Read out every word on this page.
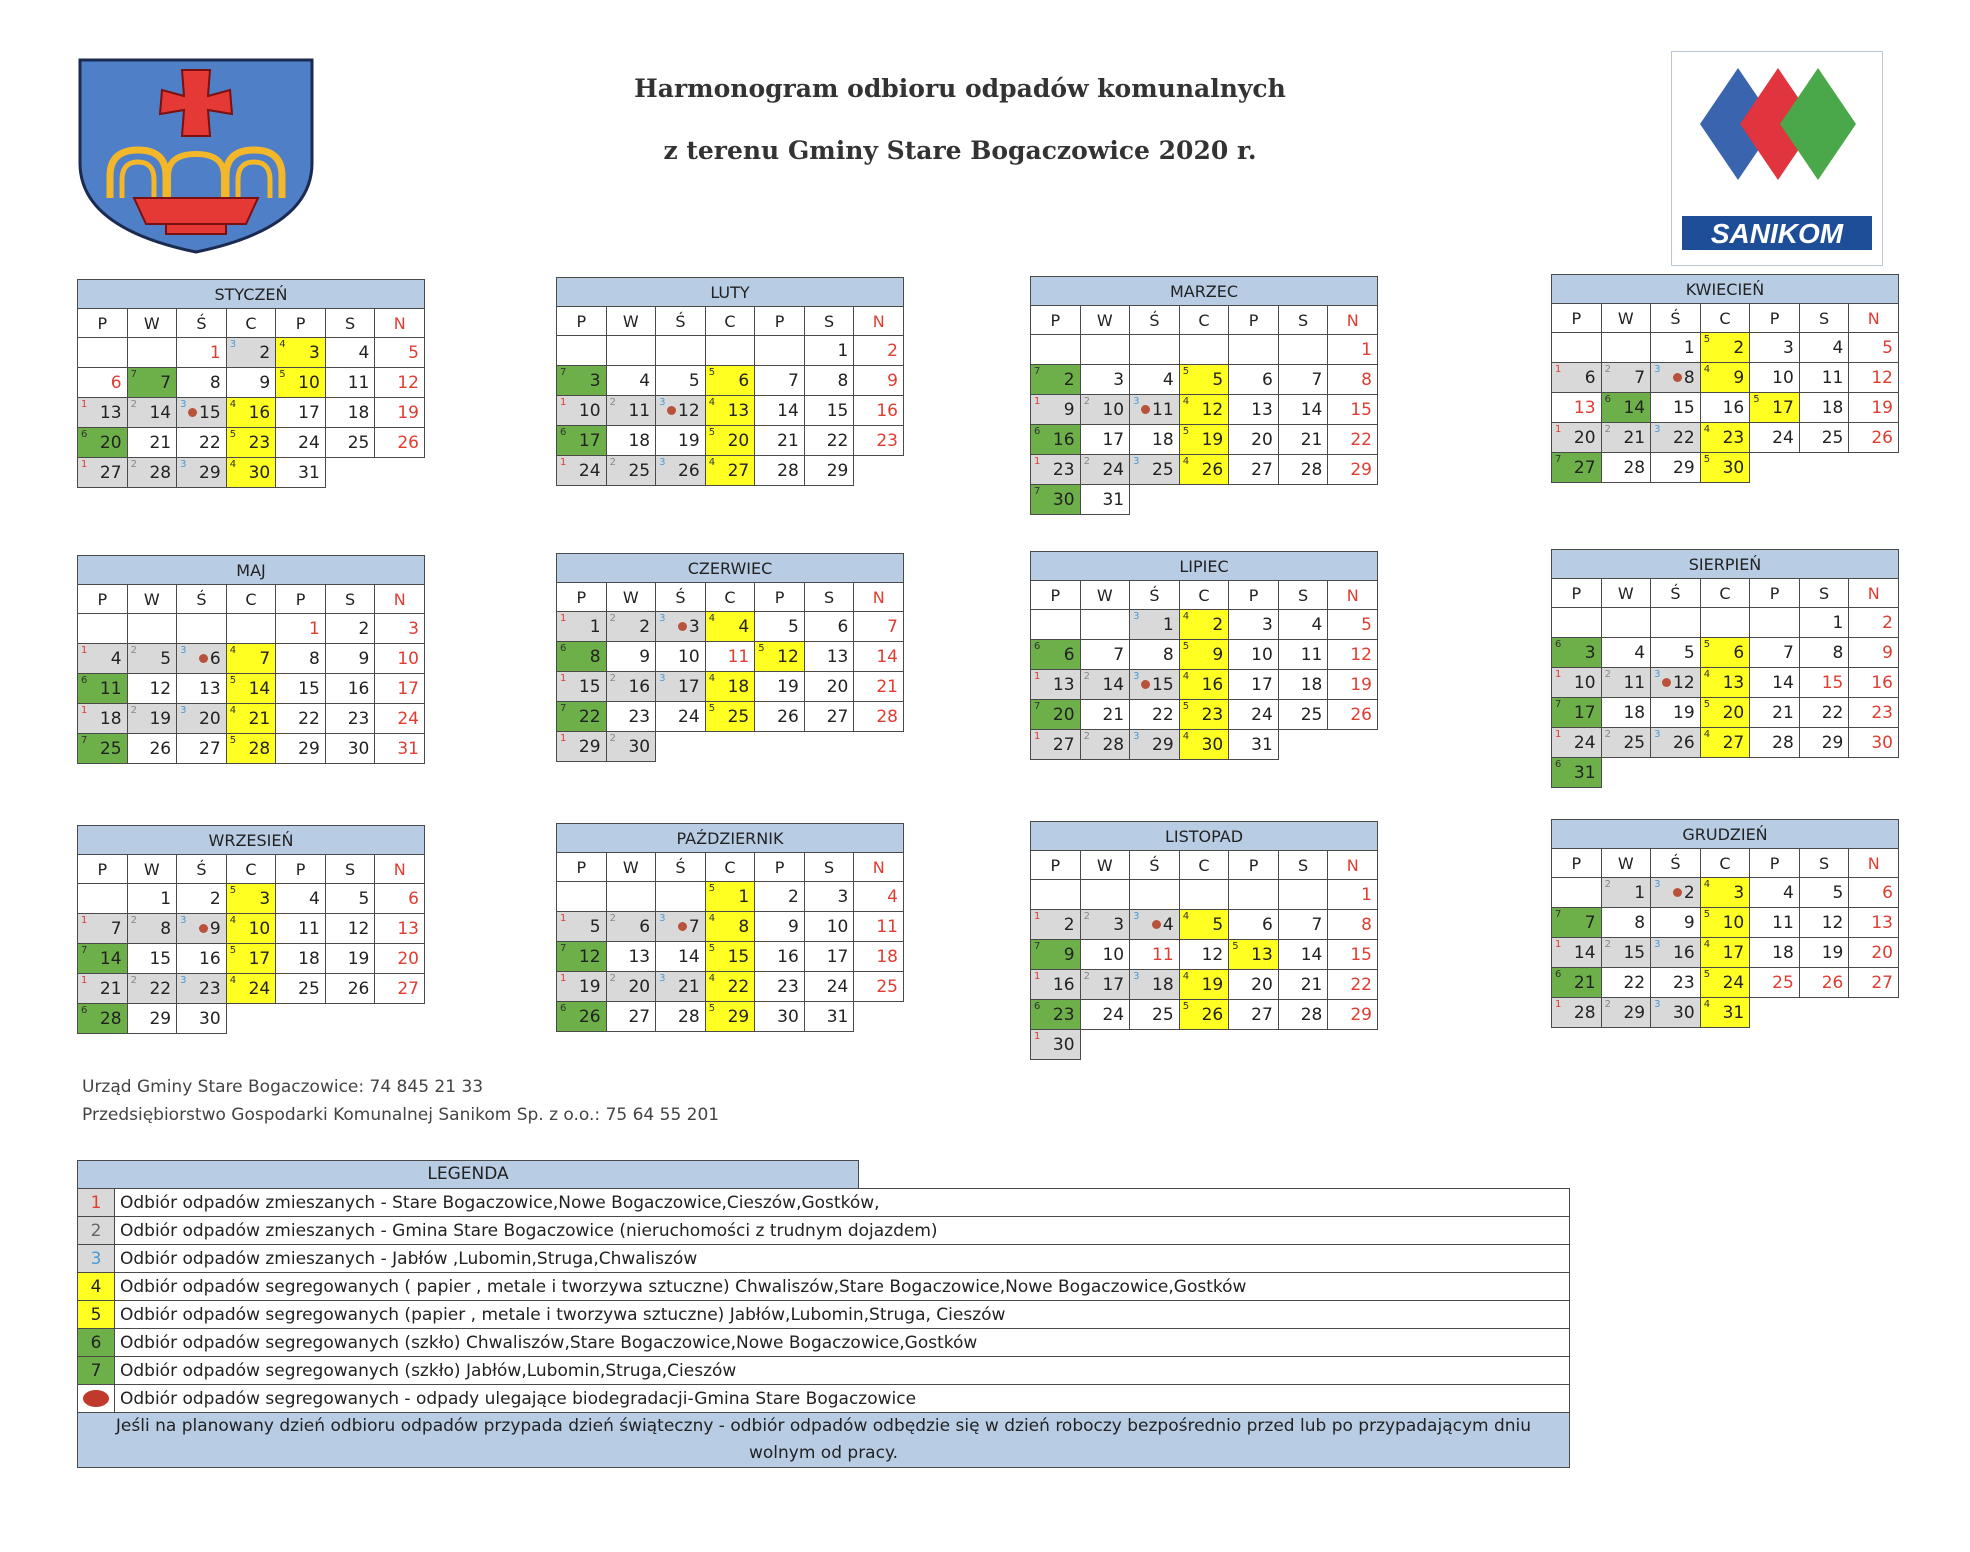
SANIKOM
Harmonogram odbioru odpadów komunalnych
z terenu Gminy Stare Bogaczowice 2020 r.
STYCZEŃ						
P	W	Ś	C	P	S	N
		1	3 2	4 3	4	5
6	7 7	8	9	5 10	11	12

1 13	2 14	3 15	4 16	17	18	19

6 20	21	22	5 23	24	25	26

1 27	2 28	3 29	4 30	31		
LUTY						
P	W	Ś	C	P	S	N
					1	2

7 3	4	5	5 6	7	8	9

1 10	2 11	3 12	4 13	14	15	16

6 17	18	19	5 20	21	22	23

1 24	2 25	3 26	4 27	28	29	
MARZEC						
P	W	Ś	C	P	S	N
						1

7 2	3	4	5 5	6	7	8

1 9	2 10	3 11	4 12	13	14	15

6 16	17	18	5 19	20	21	22

1 23	2 24	3 25	4 26	27	28	29

7 30	31					
KWIECIEŃ						
P	W	Ś	C	P	S	N
		1	5 2	3	4	5

1 6	2 7	3 8	4 9	10	11	12
13	6 14	15	16	5 17	18	19

1 20	2 21	3 22	4 23	24	25	26

7 27	28	29	5 30			
MAJ						
P	W	Ś	C	P	S	N
				1	2	3

1 4	2 5	3 6	4 7	8	9	10

6 11	12	13	5 14	15	16	17

1 18	2 19	3 20	4 21	22	23	24

7 25	26	27	5 28	29	30	31
CZERWIEC						
P	W	Ś	C	P	S	N

1 1	2 2	3 3	4 4	5	6	7

6 8	9	10	11	5 12	13	14

1 15	2 16	3 17	4 18	19	20	21

7 22	23	24	5 25	26	27	28

1 29	2 30					
LIPIEC						
P	W	Ś	C	P	S	N

		3 1	4 2	3	4	5

6 6	7	8	5 9	10	11	12

1 13	2 14	3 15	4 16	17	18	19

7 20	21	22	5 23	24	25	26

1 27	2 28	3 29	4 30	31		
SIERPIEŃ						
P	W	Ś	C	P	S	N
					1	2

6 3	4	5	5 6	7	8	9

1 10	2 11	3 12	4 13	14	15	16

7 17	18	19	5 20	21	22	23

1 24	2 25	3 26	4 27	28	29	30

6 31						
WRZESIEŃ						
P	W	Ś	C	P	S	N
	1	2	5 3	4	5	6

1 7	2 8	3 9	4 10	11	12	13

7 14	15	16	5 17	18	19	20

1 21	2 22	3 23	4 24	25	26	27

6 28	29	30				
PAŹDZIERNIK						
P	W	Ś	C	P	S	N

			5 1	2	3	4

1 5	2 6	3 7	4 8	9	10	11

7 12	13	14	5 15	16	17	18

1 19	2 20	3 21	4 22	23	24	25

6 26	27	28	5 29	30	31	
LISTOPAD						
P	W	Ś	C	P	S	N
						1

1 2	2 3	3 4	4 5	6	7	8

7 9	10	11	12	5 13	14	15

1 16	2 17	3 18	4 19	20	21	22

6 23	24	25	5 26	27	28	29

1 30						
GRUDZIEŃ						
P	W	Ś	C	P	S	N

	2 1	3 2	4 3	4	5	6

7 7	8	9	5 10	11	12	13

1 14	2 15	3 16	4 17	18	19	20

6 21	22	23	5 24	25	26	27

1 28	2 29	3 30	4 31			
Urząd Gminy Stare Bogaczowice: 74 845 21 33
Przedsiębiorstwo Gospodarki Komunalnej Sanikom Sp. z o.o.: 75 64 55 201
LEGENDA
1	Odbiór odpadów zmieszanych - Stare Bogaczowice,Nowe Bogaczowice,Cieszów,Gostków,
2	Odbiór odpadów zmieszanych - Gmina Stare Bogaczowice (nieruchomości z trudnym dojazdem)
3	Odbiór odpadów zmieszanych - Jabłów ,Lubomin,Struga,Chwaliszów
4	Odbiór odpadów segregowanych ( papier , metale i tworzywa sztuczne) Chwaliszów,Stare Bogaczowice,Nowe Bogaczowice,Gostków
5	Odbiór odpadów segregowanych (papier , metale i tworzywa sztuczne) Jabłów,Lubomin,Struga, Cieszów
6	Odbiór odpadów segregowanych (szkło) Chwaliszów,Stare Bogaczowice,Nowe Bogaczowice,Gostków
7	Odbiór odpadów segregowanych (szkło) Jabłów,Lubomin,Struga,Cieszów
	Odbiór odpadów segregowanych - odpady ulegające biodegradacji-Gmina Stare Bogaczowice
Jeśli na planowany dzień odbioru odpadów przypada dzień świąteczny - odbiór odpadów odbędzie się w dzień roboczy bezpośrednio przed lub po przypadającym dniu wolnym od pracy.	
